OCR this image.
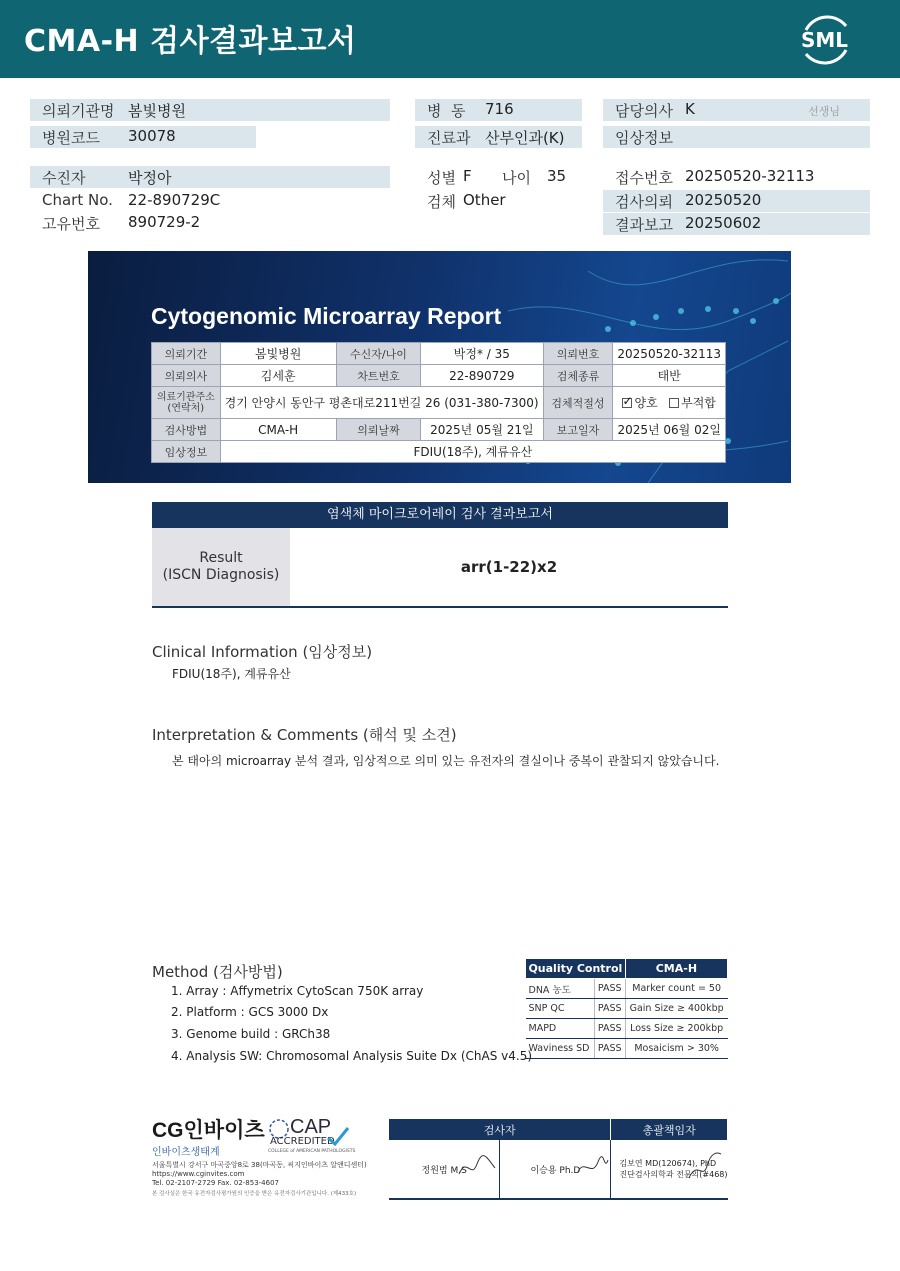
CMA-H 검사결과보고서	SML
의뢰기관명 봄빛병원
병원코드 30078
수진자	박정아
Chart No. 22-890729C
고유번호 890729-2
병  동 716
진료과 산부인과(K)
성별 F 나이 35
검체 Other
담당의사 K	선생님
임상정보
접수번호 20250520-32113
검사의뢰 20250520
결과보고 20250602
Cytogenomic Microarray Report
의뢰기간	봄빛병원	수신자/나이	박정* / 35	의뢰번호	20250520-32113
의뢰의사	김세훈	차트번호	22-890729	검체종류	태반
의료기관주소
(연락처)	경기 안양시 동안구 평촌대로211번길 26 (031-380-7300)			검체적절성	✓양호 부적합
검사방법	CMA-H	의뢰날짜	2025년 05월 21일	보고일자	2025년 06월 02일
임상정보	FDIU(18주), 계류유산				
염색체 마이크로어레이 검사 결과보고서
Result
(ISCN Diagnosis)	arr(1-22)x2
Clinical Information (임상정보)
FDIU(18주), 계류유산
Interpretation & Comments (해석 및 소견)
본 태아의 microarray 분석 결과, 임상적으로 의미 있는 유전자의 결실이나 중복이 관찰되지 않았습니다.
Method (검사방법)
1. Array : Affymetrix CytoScan 750K array
2. Platform : GCS 3000 Dx
3. Genome build : GRCh38
4. Analysis SW: Chromosomal Analysis Suite Dx (ChAS v4.5)
Quality Control		CMA-H
DNA 농도	PASS	Marker count = 50
SNP QC	PASS	Gain Size ≥ 400kbp
MAPD	PASS	Loss Size ≥ 200kbp
Waviness SD	PASS	Mosaicism > 30%
CG인바이츠
인바이츠생태계
CAP
ACCREDITED
COLLEGE of AMERICAN PATHOLOGISTS
서울특별시 강서구 마곡중앙8로 38(마곡동, 씨지인바이츠 알앤디센터)
https://www.cginvites.com
Tel. 02-2107-2729 Fax. 02-853-4607
본 검사실은 한국 유전자검사평가원의 인증을 받은 유전자검사기관입니다. (제433호)
검사자		총괄책임자
정원범 M.S	이승용 Ph.D	김보연 MD(120674), PhD
진단검사의학과 전문의(#468)
